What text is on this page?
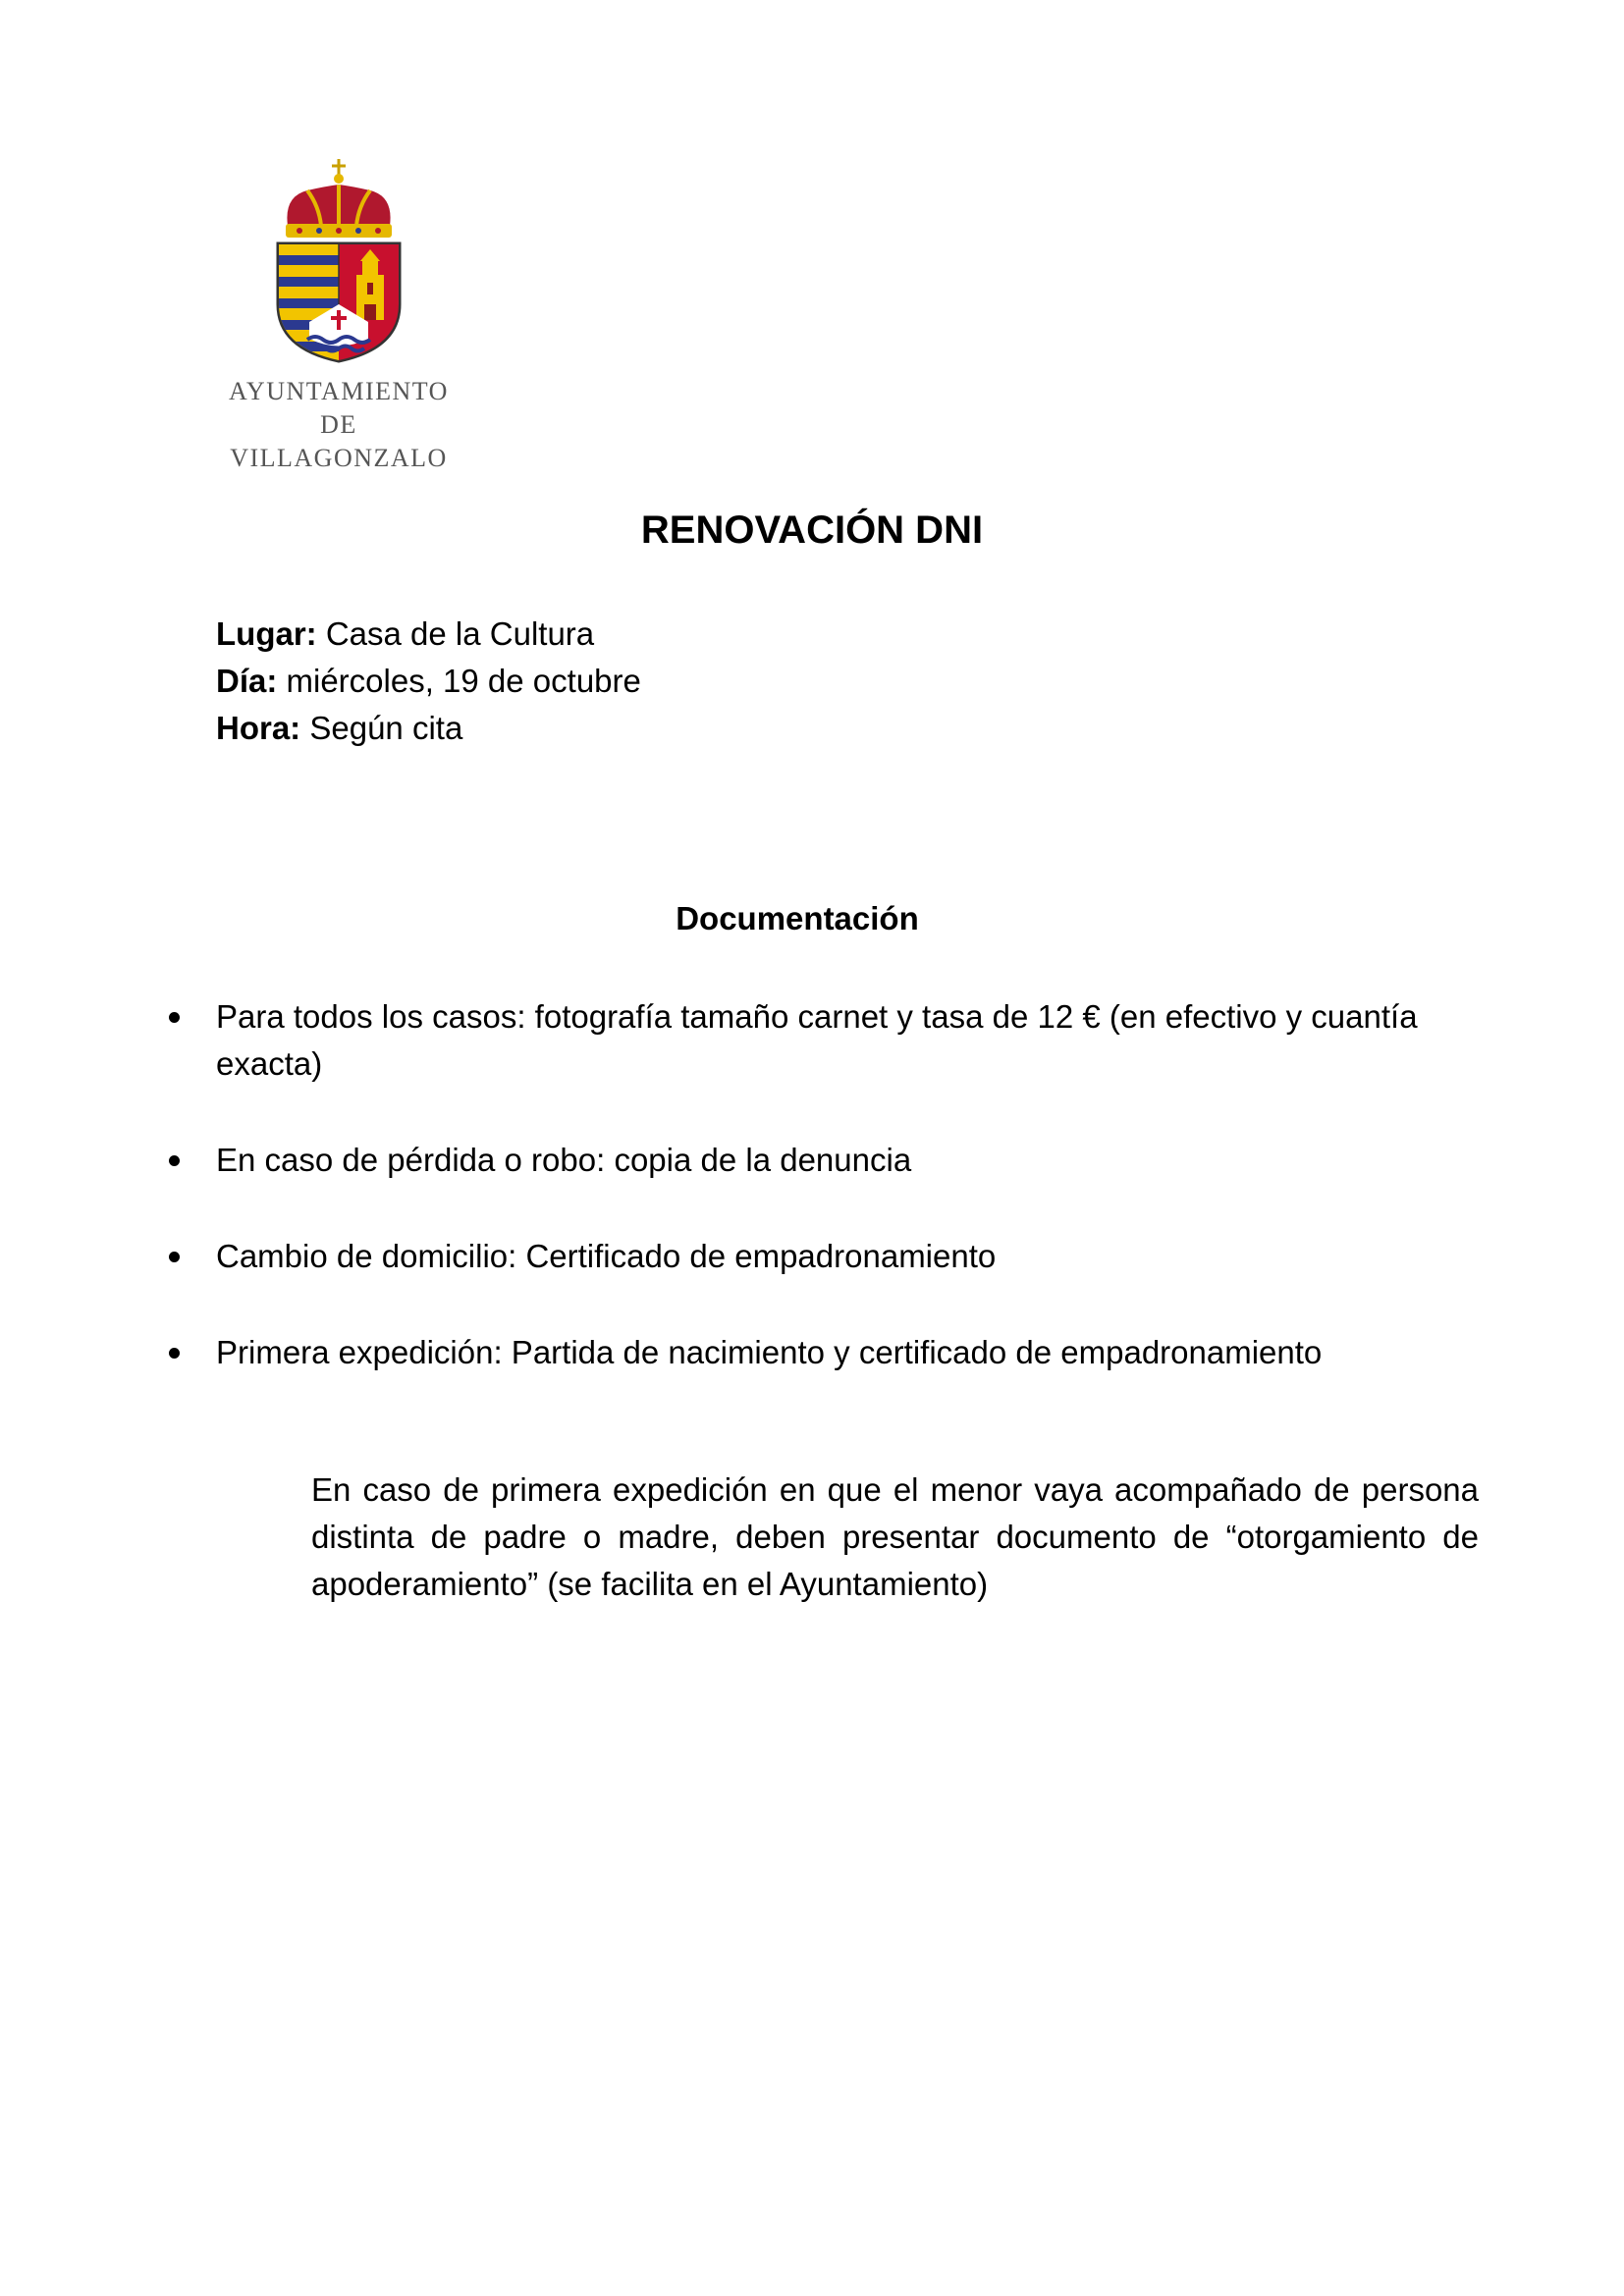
AYUNTAMIENTO
DE
VILLAGONZALO
RENOVACIÓN DNI
Lugar: Casa de la Cultura
Día: miércoles, 19 de octubre
Hora: Según cita
Documentación
Para todos los casos: fotografía tamaño carnet y tasa de 12 € (en efectivo y cuantía exacta)
En caso de pérdida o robo: copia de la denuncia
Cambio de domicilio: Certificado de empadronamiento
Primera expedición: Partida de nacimiento y certificado de empadronamiento
En caso de primera expedición en que el menor vaya acompañado de persona distinta de padre o madre, deben presentar documento de “otorgamiento de apoderamiento” (se facilita en el Ayuntamiento)
